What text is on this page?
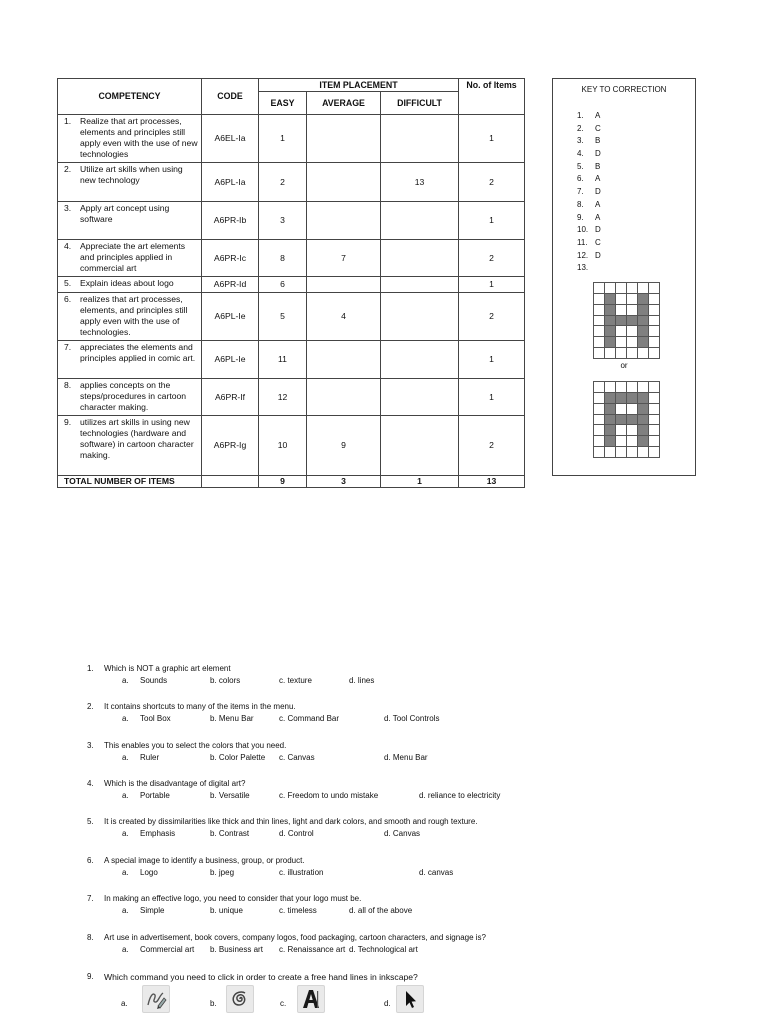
COMPETENCY	CODE	ITEM PLACEMENT			No. of Items
		EASY	AVERAGE	DIFFICULT	

1. Realize that art processes, elements and principles still apply even with the use of new technologies	A6EL-Ia	1			1

2. Utilize art skills when using new technology	A6PL-Ia	2		13	2

3. Apply art concept using software	A6PR-Ib	3			1

4. Appreciate the art elements and principles applied in commercial art	A6PR-Ic	8	7		2

5. Explain ideas about logo	A6PR-Id	6			1

6. realizes that art processes, elements, and principles still apply even with the use of technologies.	A6PL-Ie	5	4		2

7. appreciates the elements and principles applied in comic art.	A6PL-Ie	11			1

8. applies concepts on the steps/procedures in cartoon character making.	A6PR-If	12			1

9. utilizes art skills in using new technologies (hardware and software) in cartoon character making.	A6PR-Ig	10	9		2
TOTAL NUMBER OF ITEMS		9	3	1	13
KEY TO CORRECTION
1.	A
2.	C
3.	B
4.	D
5.	B
6.	A
7.	D
8.	A
9.	A
10. D
11. C
12. D
13.
or
1. Which is NOT a graphic art element
a. Sounds	b. colors	c. texture	d. lines
2. It contains shortcuts to many of the items in the menu.
a. Tool Box	b. Menu Bar	c. Command Bar	d. Tool Controls
3. This enables you to select the colors that you need.
a. Ruler	b. Color Palette c. Canvas	d. Menu Bar
4. Which is the disadvantage of digital art?
a. Portable	b. Versatile	c. Freedom to undo mistake	d. reliance to electricity
5. It is created by dissimilarities like thick and thin lines, light and dark colors, and smooth and rough texture.
a. Emphasis	b. Contrast	d. Control	d. Canvas
6. A special image to identify a business, group, or product.
a. Logo	b. jpeg	c. illustration	d. canvas
7. In making an effective logo, you need to consider that your logo must be.
a. Simple	b. unique	c. timeless	d. all of the above
8. Art use in advertisement, book covers, company logos, food packaging, cartoon characters, and signage is?
a. Commercial art b. Business art c. Renaissance art d. Technological art
9. Which command you need to click in order to create a free hand lines in inkscape?
a.	b.	c.	d.
